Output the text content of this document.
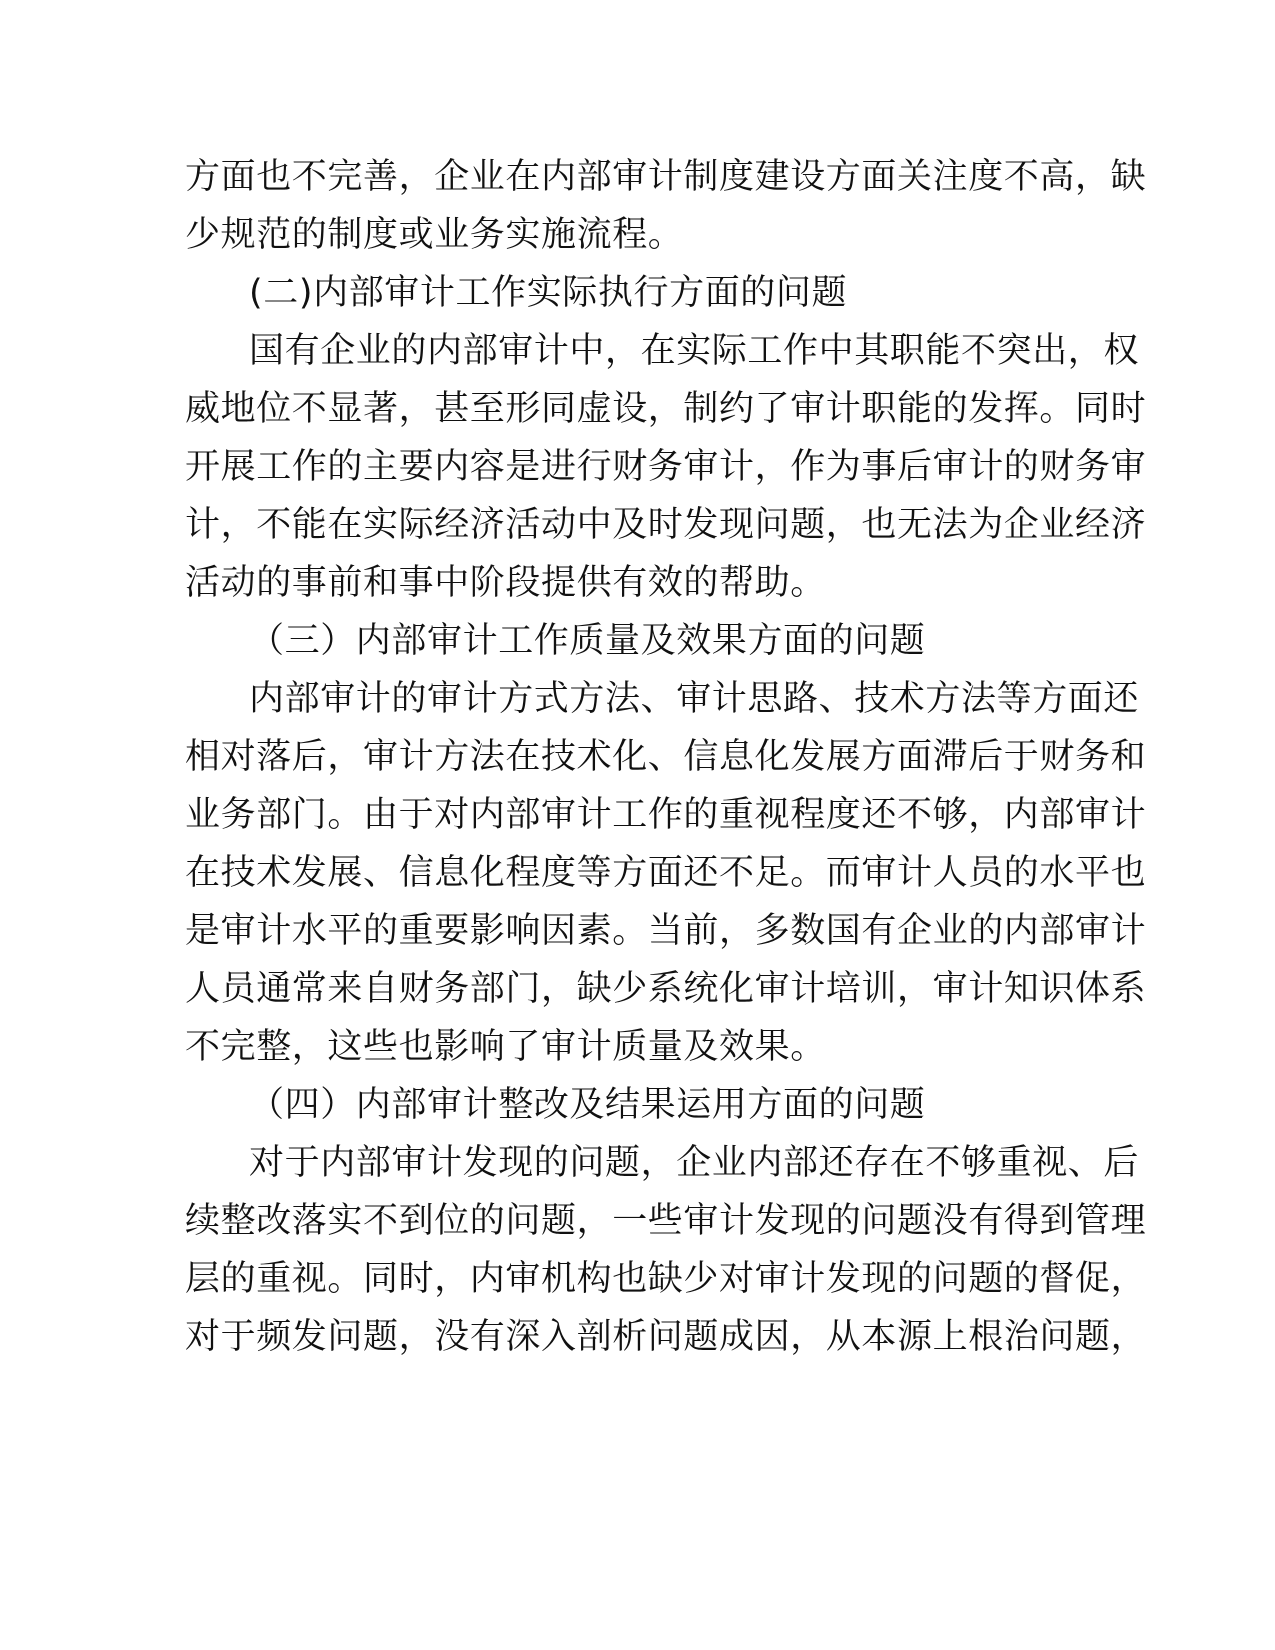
方面也不完善，企业在内部审计制度建设方面关注度不高，缺
少规范的制度或业务实施流程。
(二)内部审计工作实际执行方面的问题
国有企业的内部审计中，在实际工作中其职能不突出，权
威地位不显著，甚至形同虚设，制约了审计职能的发挥。同时
开展工作的主要内容是进行财务审计，作为事后审计的财务审
计，不能在实际经济活动中及时发现问题，也无法为企业经济
活动的事前和事中阶段提供有效的帮助。
（三）内部审计工作质量及效果方面的问题
内部审计的审计方式方法、审计思路、技术方法等方面还
相对落后，审计方法在技术化、信息化发展方面滞后于财务和
业务部门。由于对内部审计工作的重视程度还不够，内部审计
在技术发展、信息化程度等方面还不足。而审计人员的水平也
是审计水平的重要影响因素。当前，多数国有企业的内部审计
人员通常来自财务部门，缺少系统化审计培训，审计知识体系
不完整，这些也影响了审计质量及效果。
（四）内部审计整改及结果运用方面的问题
对于内部审计发现的问题，企业内部还存在不够重视、后
续整改落实不到位的问题，一些审计发现的问题没有得到管理
层的重视。同时，内审机构也缺少对审计发现的问题的督促，
对于频发问题，没有深入剖析问题成因，从本源上根治问题，
